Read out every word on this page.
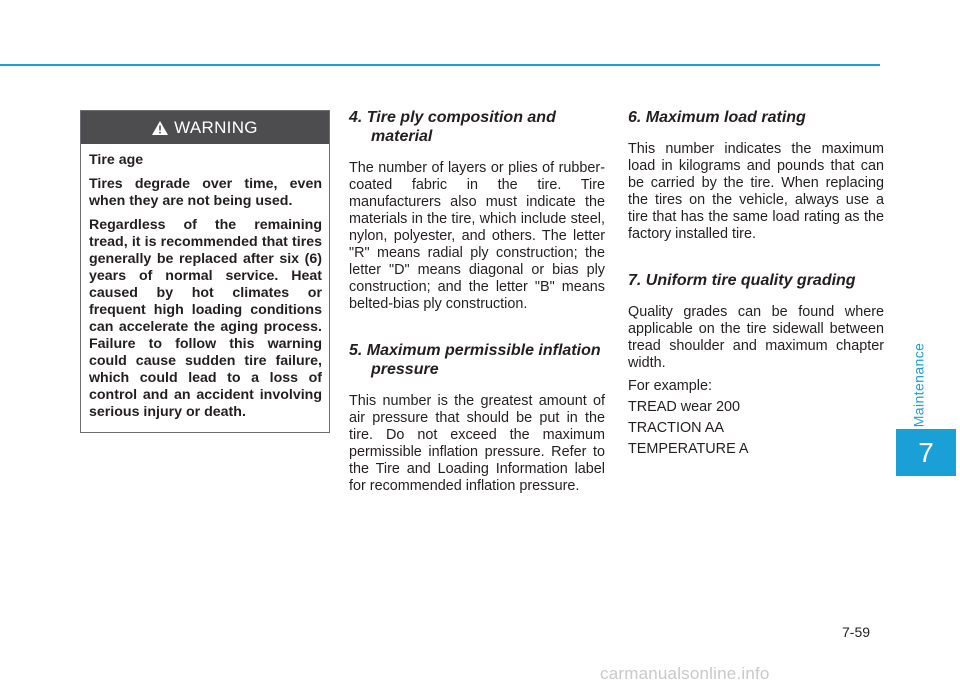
WARNING

Tire age

Tires degrade over time, even when they are not being used.

Regardless of the remaining tread, it is recommended that tires generally be replaced after six (6) years of normal service. Heat caused by hot climates or frequent high loading conditions can accelerate the aging process. Failure to follow this warning could cause sudden tire failure, which could lead to a loss of control and an accident involving serious injury or death.

4. Tire ply composition and material

The number of layers or plies of rubber-coated fabric in the tire. Tire manufacturers also must indicate the materials in the tire, which include steel, nylon, polyester, and others. The letter "R" means radial ply construction; the letter "D" means diagonal or bias ply construction; and the letter "B" means belted-bias ply construction.

5. Maximum permissible inflation pressure

This number is the greatest amount of air pressure that should be put in the tire. Do not exceed the maximum permissible inflation pressure. Refer to the Tire and Loading Information label for recommended inflation pressure.

6. Maximum load rating

This number indicates the maximum load in kilograms and pounds that can be carried by the tire. When replacing the tires on the vehicle, always use a tire that has the same load rating as the factory installed tire.

7. Uniform tire quality grading

Quality grades can be found where applicable on the tire sidewall between tread shoulder and maximum chapter width.

For example:

TREAD wear 200

TRACTION AA

TEMPERATURE A

Maintenance
7
7-59
carmanualsonline.info
